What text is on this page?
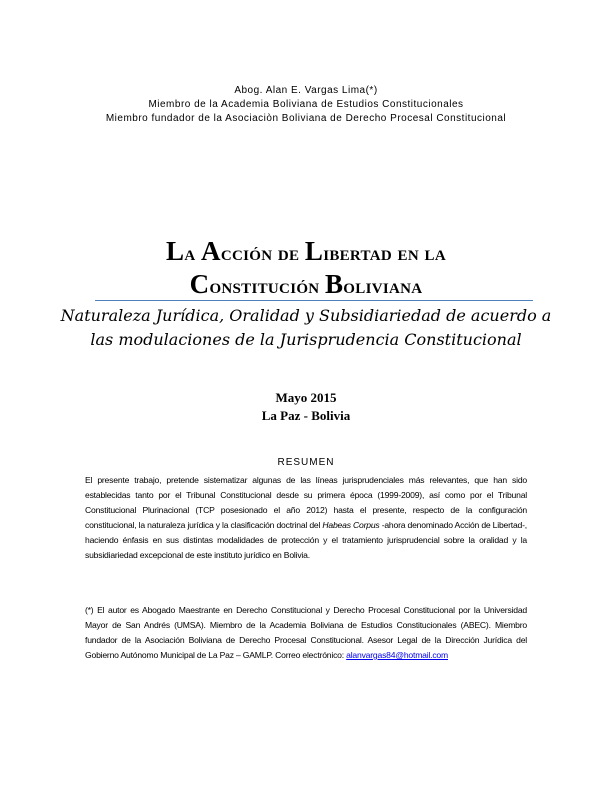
Abog. Alan E. Vargas Lima(*)
Miembro de la Academia Boliviana de Estudios Constitucionales
Miembro fundador de la Asociaciòn Boliviana de Derecho Procesal Constitucional
La Acción de Libertad en la
Constitución Boliviana
Naturaleza Jurídica, Oralidad y Subsidiariedad de acuerdo a las modulaciones de la Jurisprudencia Constitucional
Mayo 2015
La Paz - Bolivia
RESUMEN

El presente trabajo, pretende sistematizar algunas de las líneas jurisprudenciales más relevantes, que han sido establecidas tanto por el Tribunal Constitucional desde su primera época (1999-2009), así como por el Tribunal Constitucional Plurinacional (TCP posesionado el año 2012) hasta el presente, respecto de la configuración constitucional, la naturaleza jurídica y la clasificación doctrinal del Habeas Corpus -ahora denominado Acción de Libertad-, haciendo énfasis en sus distintas modalidades de protección y el tratamiento jurisprudencial sobre la oralidad y la subsidiariedad excepcional de este instituto jurídico en Bolivia.

(*) El autor es Abogado Maestrante en Derecho Constitucional y Derecho Procesal Constitucional por la Universidad Mayor de San Andrés (UMSA). Miembro de la Academia Boliviana de Estudios Constitucionales (ABEC). Miembro fundador de la Asociación Boliviana de Derecho Procesal Constitucional. Asesor Legal de la Dirección Jurídica del Gobierno Autónomo Municipal de La Paz – GAMLP. Correo electrónico: alanvargas84@hotmail.com
